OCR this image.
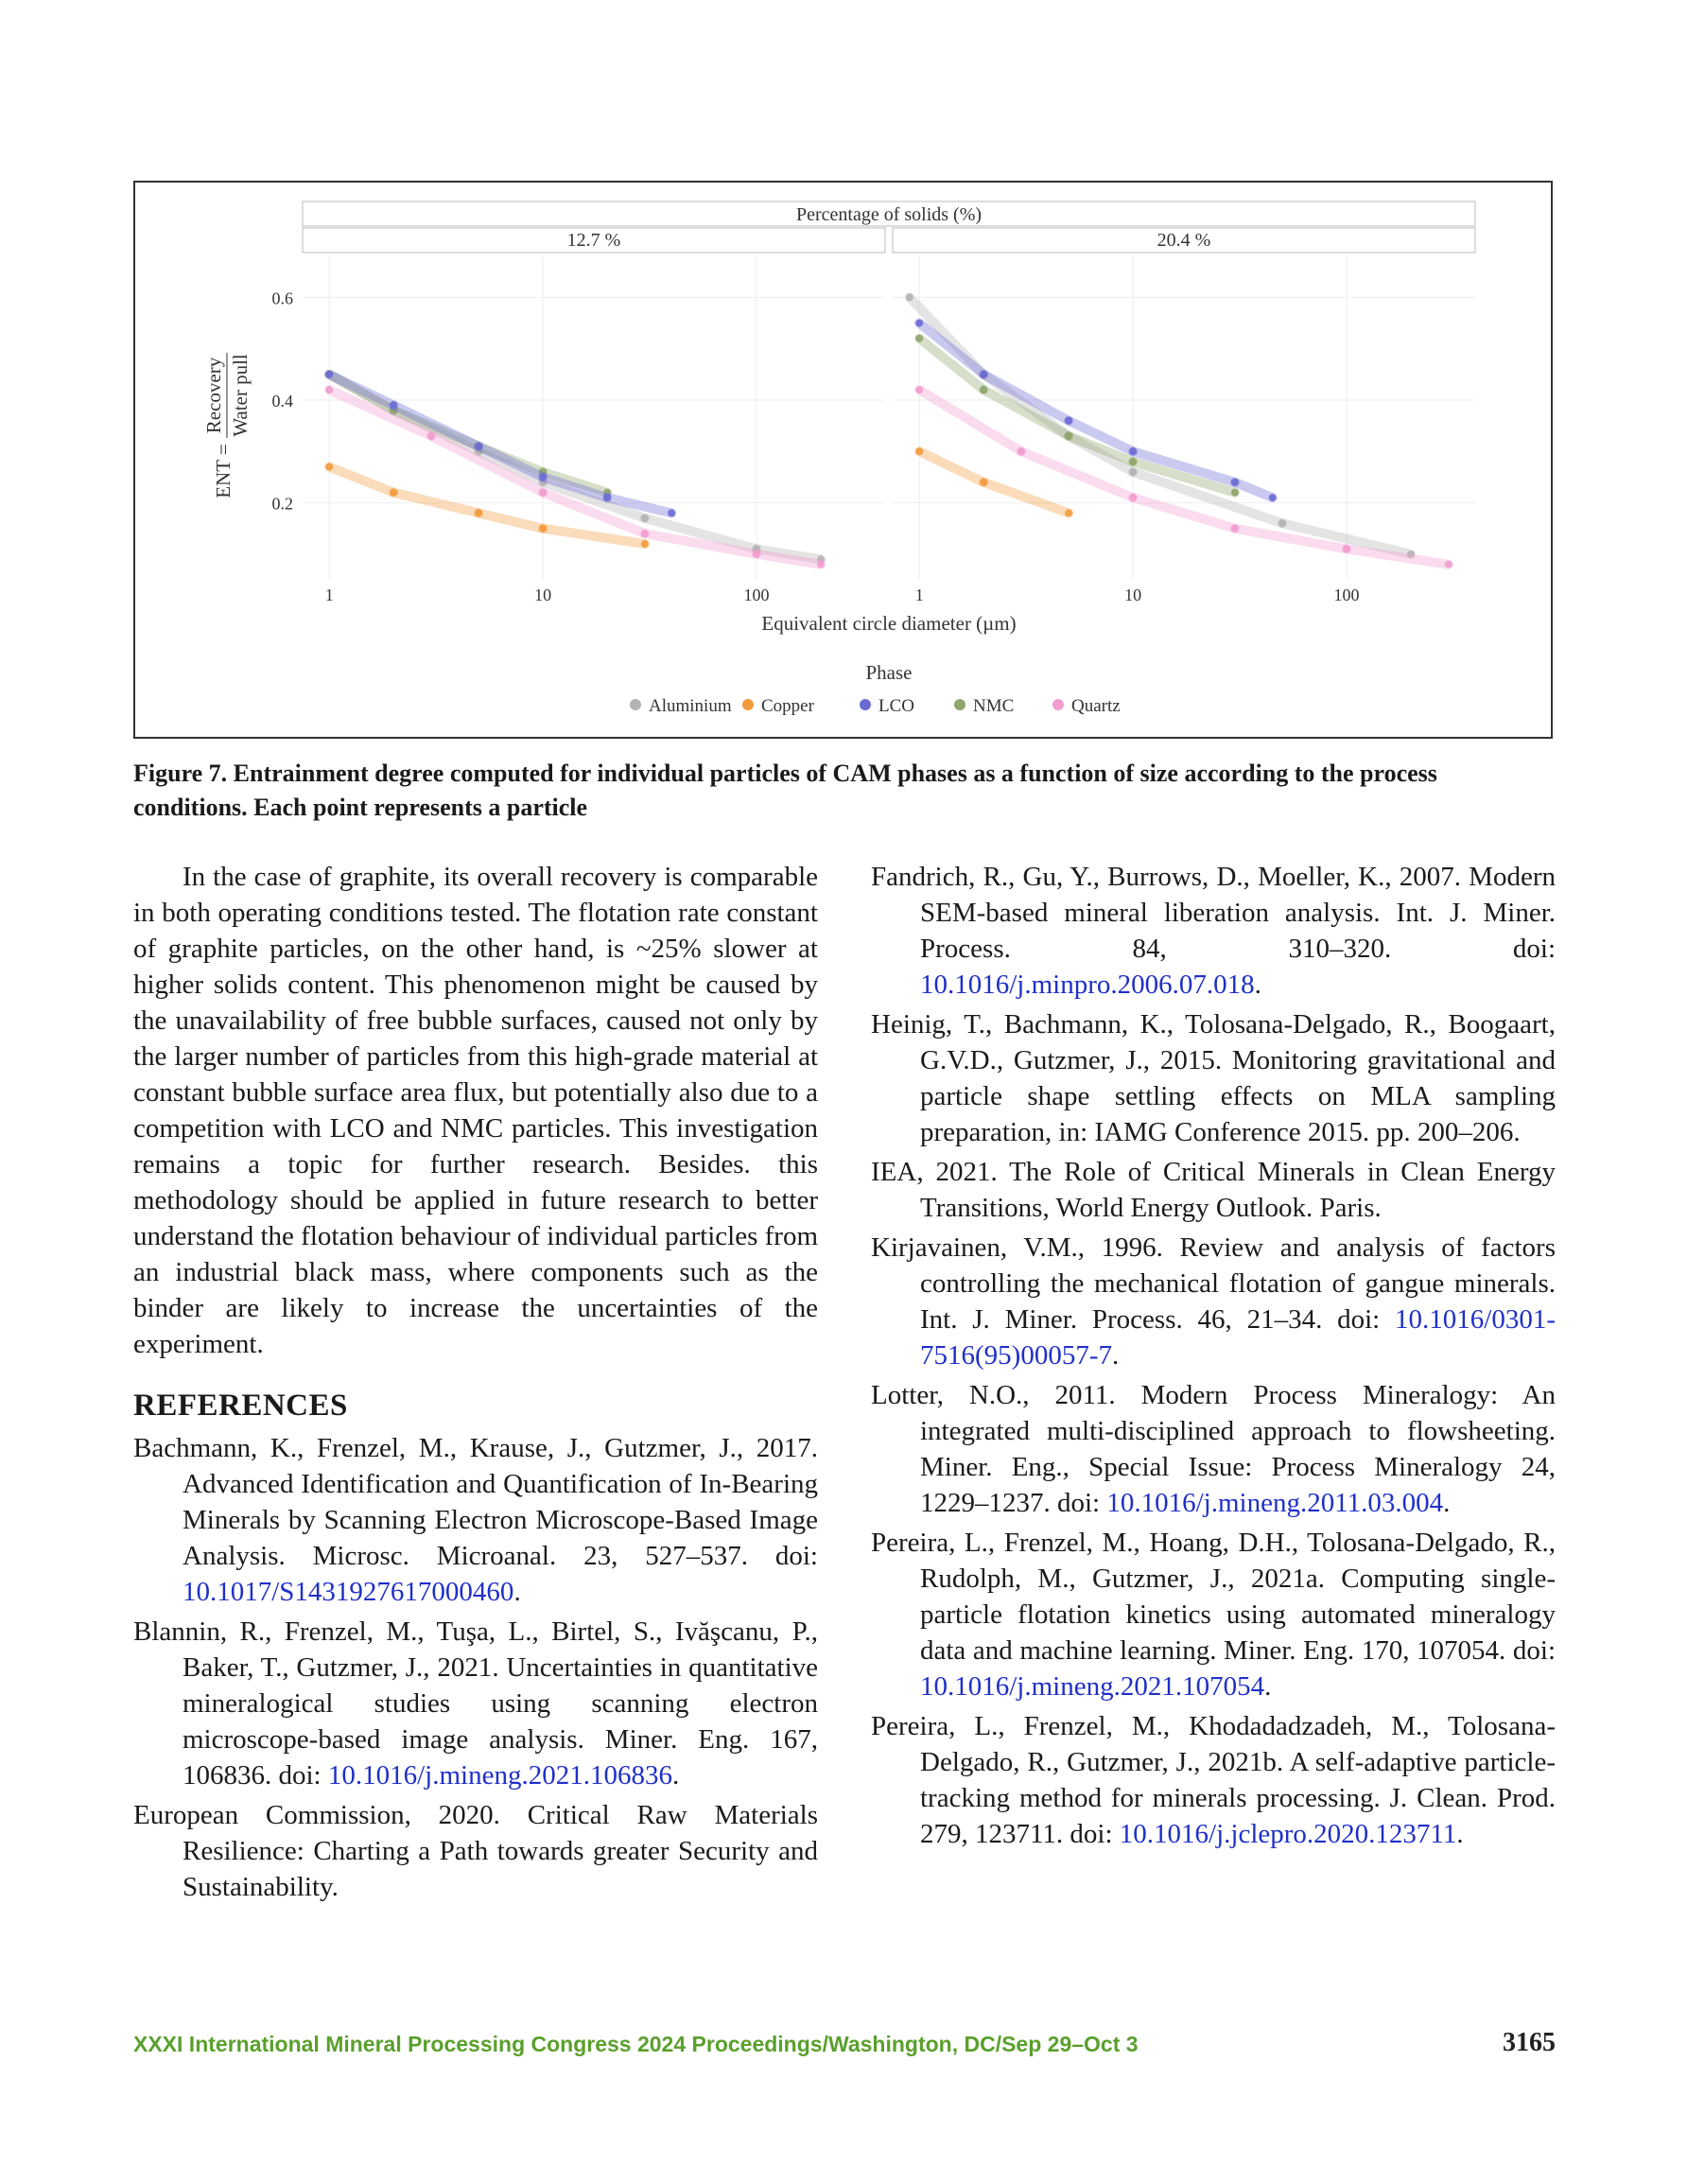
Percentage of solids (%)
12.7 %	20.4 %
0.2
0.4
0.6
ENT =
Recovery Water pull
1	10	100	1	10	100
Equivalent circle diameter (µm)
Phase
Aluminium Copper	LCO	NMC	Quartz
Figure 7. Entrainment degree computed for individual particles of CAM phases as a function of size according to the process conditions. Each point represents a particle

In the case of graphite, its overall recovery is comparable in both operating conditions tested. The flotation rate constant of graphite particles, on the other hand, is ~25% slower at higher solids content. This phenomenon might be caused by the unavailability of free bubble surfaces, caused not only by the larger number of particles from this high-grade material at constant bubble surface area flux, but potentially also due to a competition with LCO and NMC particles. This investigation remains a topic for further research. Besides. this methodology should be applied in future research to better understand the flotation behaviour of individual particles from an industrial black mass, where components such as the binder are likely to increase the uncertainties of the experiment.

REFERENCES

Bachmann, K., Frenzel, M., Krause, J., Gutzmer, J., 2017. Advanced Identification and Quantification of In-Bearing Minerals by Scanning Electron Microscope-Based Image Analysis. Microsc. Microanal. 23, 527–537. doi: 10.1017/S1431927617000460.

Blannin, R., Frenzel, M., Tuşa, L., Birtel, S., Ivăşcanu, P., Baker, T., Gutzmer, J., 2021. Uncertainties in quantitative mineralogical studies using scanning electron microscope-based image analysis. Miner. Eng. 167, 106836. doi: 10.1016/j.mineng.2021.106836.

European Commission, 2020. Critical Raw Materials Resilience: Charting a Path towards greater Security and Sustainability.

Fandrich, R., Gu, Y., Burrows, D., Moeller, K., 2007. Modern SEM-based mineral liberation analysis. Int. J. Miner. Process. 84, 310–320. doi: 10.1016/j.minpro.2006.07.018.

Heinig, T., Bachmann, K., Tolosana-Delgado, R., Boogaart, G.V.D., Gutzmer, J., 2015. Monitoring gravitational and particle shape settling effects on MLA sampling preparation, in: IAMG Conference 2015. pp. 200–206.

IEA, 2021. The Role of Critical Minerals in Clean Energy Transitions, World Energy Outlook. Paris.

Kirjavainen, V.M., 1996. Review and analysis of factors controlling the mechanical flotation of gangue minerals. Int. J. Miner. Process. 46, 21–34. doi: 10.1016/0301-7516(95)00057-7.

Lotter, N.O., 2011. Modern Process Mineralogy: An integrated multi-disciplined approach to flowsheeting. Miner. Eng., Special Issue: Process Mineralogy 24, 1229–1237. doi: 10.1016/j.mineng.2011.03.004.

Pereira, L., Frenzel, M., Hoang, D.H., Tolosana-Delgado, R., Rudolph, M., Gutzmer, J., 2021a. Computing single-particle flotation kinetics using automated mineralogy data and machine learning. Miner. Eng. 170, 107054. doi: 10.1016/j.mineng.2021.107054.

Pereira, L., Frenzel, M., Khodadadzadeh, M., Tolosana-Delgado, R., Gutzmer, J., 2021b. A self-adaptive particle-tracking method for minerals processing. J. Clean. Prod. 279, 123711. doi: 10.1016/j.jclepro.2020.123711.

XXXI International Mineral Processing Congress 2024 Proceedings/Washington, DC/Sep 29–Oct 3	3165
